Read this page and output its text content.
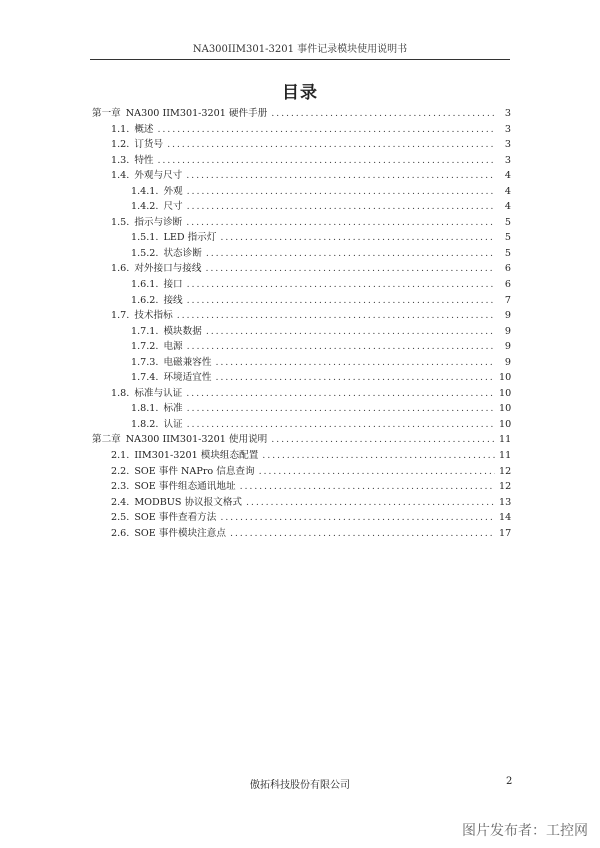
NA300IIM301-3201 事件记录模块使用说明书
目录
第一章 NA300 IIM301-3201 硬件手册 . . .	3
1.1. 概述 . . .	3
1.2. 订货号 . . .	3
1.3. 特性 . . .	3
1.4. 外观与尺寸 . . .	4
1.4.1. 外观 . . .	4
1.4.2. 尺寸 . . .	4
1.5. 指示与诊断 . . .	5
1.5.1. LED 指示灯 . . .	5
1.5.2. 状态诊断 . . .	5
1.6. 对外接口与接线 . . .	6
1.6.1. 接口 . . .	6
1.6.2. 接线 . . .	7
1.7. 技术指标 . . .	9
1.7.1. 模块数据 . . .	9
1.7.2. 电源 . . .	9
1.7.3. 电磁兼容性 . . .	9
1.7.4. 环境适宜性 . . .	10
1.8. 标准与认证 . . .	10
1.8.1. 标准 . . .	10
1.8.2. 认证 . . .	10
第二章 NA300 IIM301-3201 使用说明 . . .	11
2.1. IIM301-3201 模块组态配置 . . .	11
2.2. SOE 事件 NAPro 信息查询 . . .	12
2.3. SOE 事件组态通讯地址 . . .	12
2.4. MODBUS 协议报文格式 . . .	13
2.5. SOE 事件查看方法 . . .	14
2.6. SOE 事件模块注意点 . . .	17
傲拓科技股份有限公司	2
图片发布者：工控网
